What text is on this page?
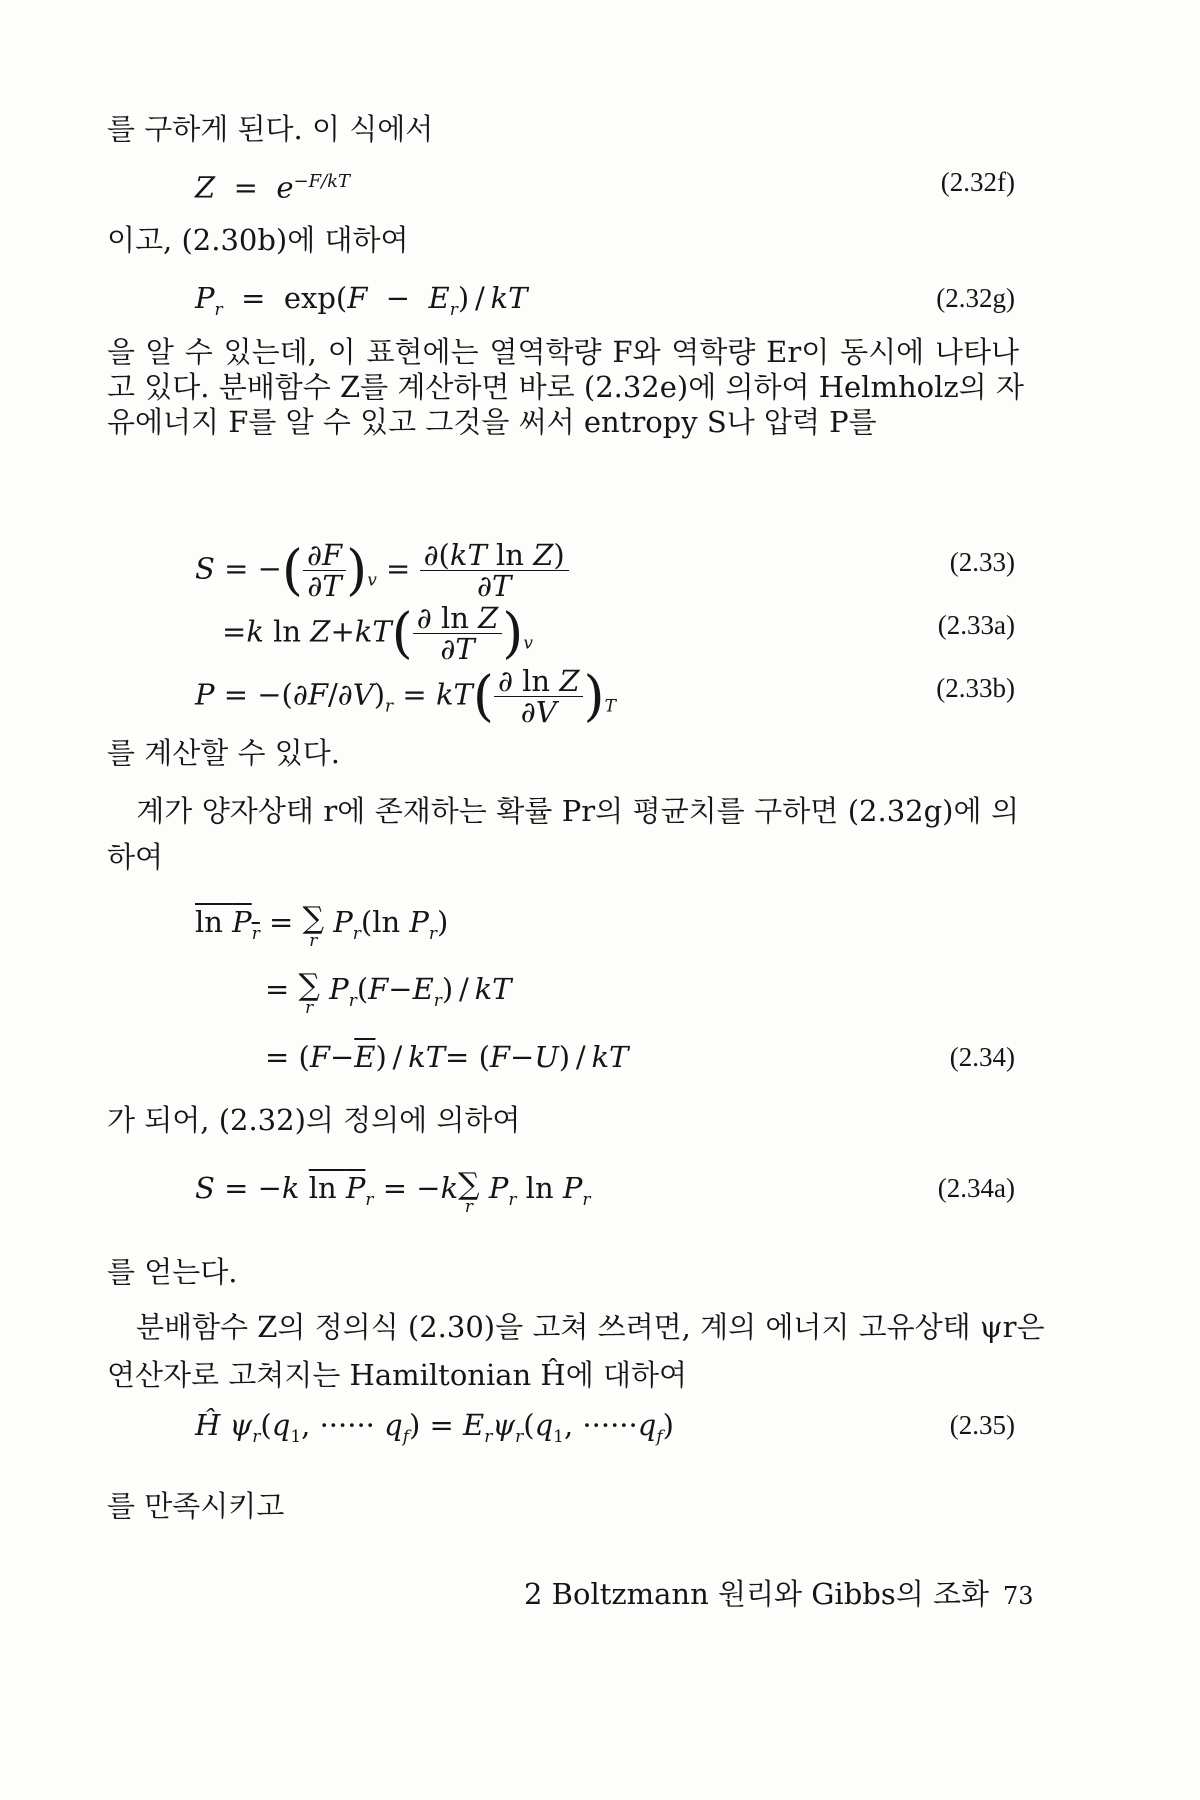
를 구하게 된다. 이 식에서

$Z = e^{-F/kT}$	(2.32f)

이고, (2.30b)에 대하여

$P_r = \exp(F - E_r)$ / kT	(2.32g)

을 알 수 있는데, 이 표현에는 열역학량 F와 역학량 Er이 동시에 나타나
고 있다. 분배함수 Z를 계산하면 바로 (2.32e)에 의하여 Helmholz의 자
유에너지 F를 알 수 있고 그것을 써서 entropy S나 압력 P를

S = −( $\frac{\partial F}{\partial T} )_v = \frac{\text{∂(kT ln Z)}}{\partial T}$	(2.33)
=k $\ln Z+kT( \frac{\text{∂ ln Z}}{\partial T} )_v$
(2.33a)
$P = -(\partial F/\partial V)_r = kT( \frac{\text{∂ ln Z}}{\partial V} )_T$
(2.33b)

를 계산할 수 있다.

　계가 양자상태 r에 존재하는 확률 Pr의 평균치를 구하면 (2.32g)에 의
하여

$\ln P_r$ = ∑
r
$P_r(\ln$ $P_r$)
= ∑
r
$P_r(F-E_r)$ / kT
= $(F-\overline{E}) / kT= (F-U)$ / kT	(2.34)

가 되어, (2.32)의 정의에 의하여

S = −k $\ln P_r = -k$ ∑
r
$P_r$ $\ln P_r$	(2.34a)

를 얻는다.

　분배함수 Z의 정의식 (2.30)을 고쳐 쓰려면, 계의 에너지 고유상태 ψr은
연산자로 고쳐지는 Hamiltonian Ĥ에 대하여

Ĥ $\psi_r(q_1$, ······ $q_f) = E_r\psi_r(q_1$, $\cdot\cdot\cdot\cdot\cdot\cdot q_f$)	(2.35)

를 만족시키고

2 Boltzmann 원리와 Gibbs의 조화 73
